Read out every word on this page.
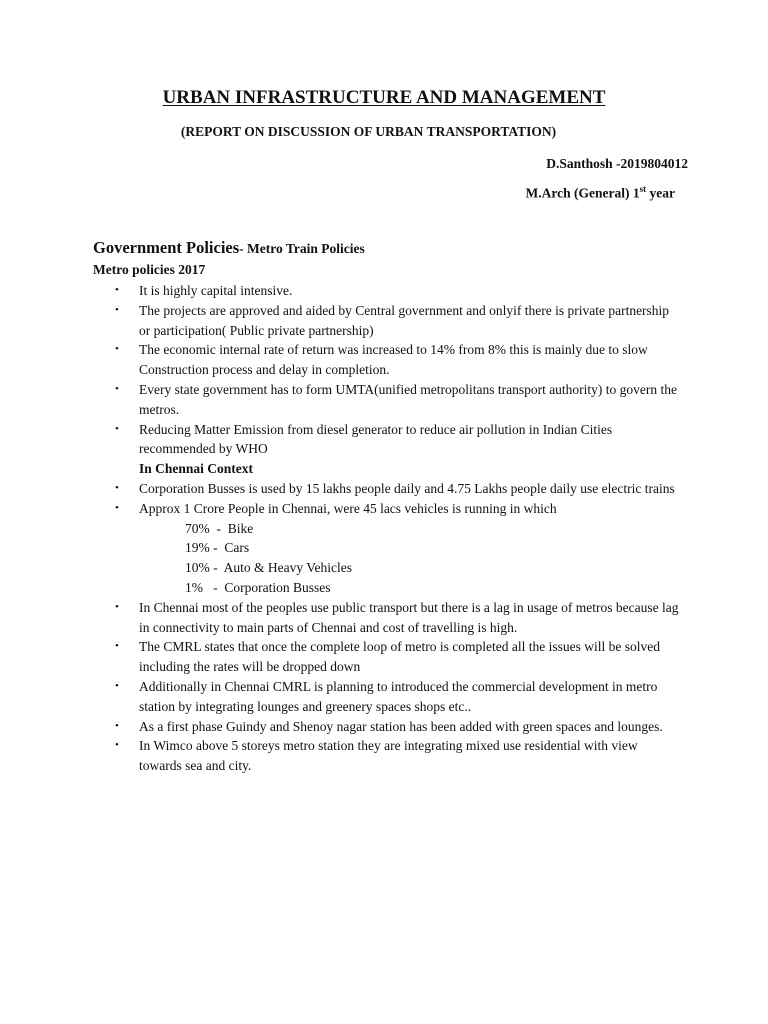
URBAN INFRASTRUCTURE AND MANAGEMENT
(REPORT ON DISCUSSION OF URBAN TRANSPORTATION)
D.Santhosh -2019804012
M.Arch (General) 1st year
Government Policies- Metro Train Policies
Metro policies 2017
• It is highly capital intensive.
• The projects are approved and aided by Central government and onlyif there is private partnership or participation( Public private partnership)
• The economic internal rate of return was increased to 14% from 8% this is mainly due to slow Construction process and delay in completion.
• Every state government has to form UMTA(unified metropolitans transport authority) to govern the metros.
• Reducing Matter Emission from diesel generator to reduce air pollution in Indian Cities recommended by WHO
In Chennai Context
• Corporation Busses is used by 15 lakhs people daily and 4.75 Lakhs people daily use electric trains
• Approx 1 Crore People in Chennai, were 45 lacs vehicles is running in which
70%  -  Bike
19% -  Cars
10% -  Auto & Heavy Vehicles
1%   -  Corporation Busses
• In Chennai most of the peoples use public transport but there is a lag in usage of metros because lag in connectivity to main parts of Chennai and cost of travelling is high.
• The CMRL states that once the complete loop of metro is completed all the issues will be solved including the rates will be dropped down
• Additionally in Chennai CMRL is planning to introduced the commercial development in metro station by integrating lounges and greenery spaces shops etc..
• As a first phase Guindy and Shenoy nagar station has been added with green spaces and lounges.
• In Wimco above 5 storeys metro station they are integrating mixed use residential with view towards sea and city.
